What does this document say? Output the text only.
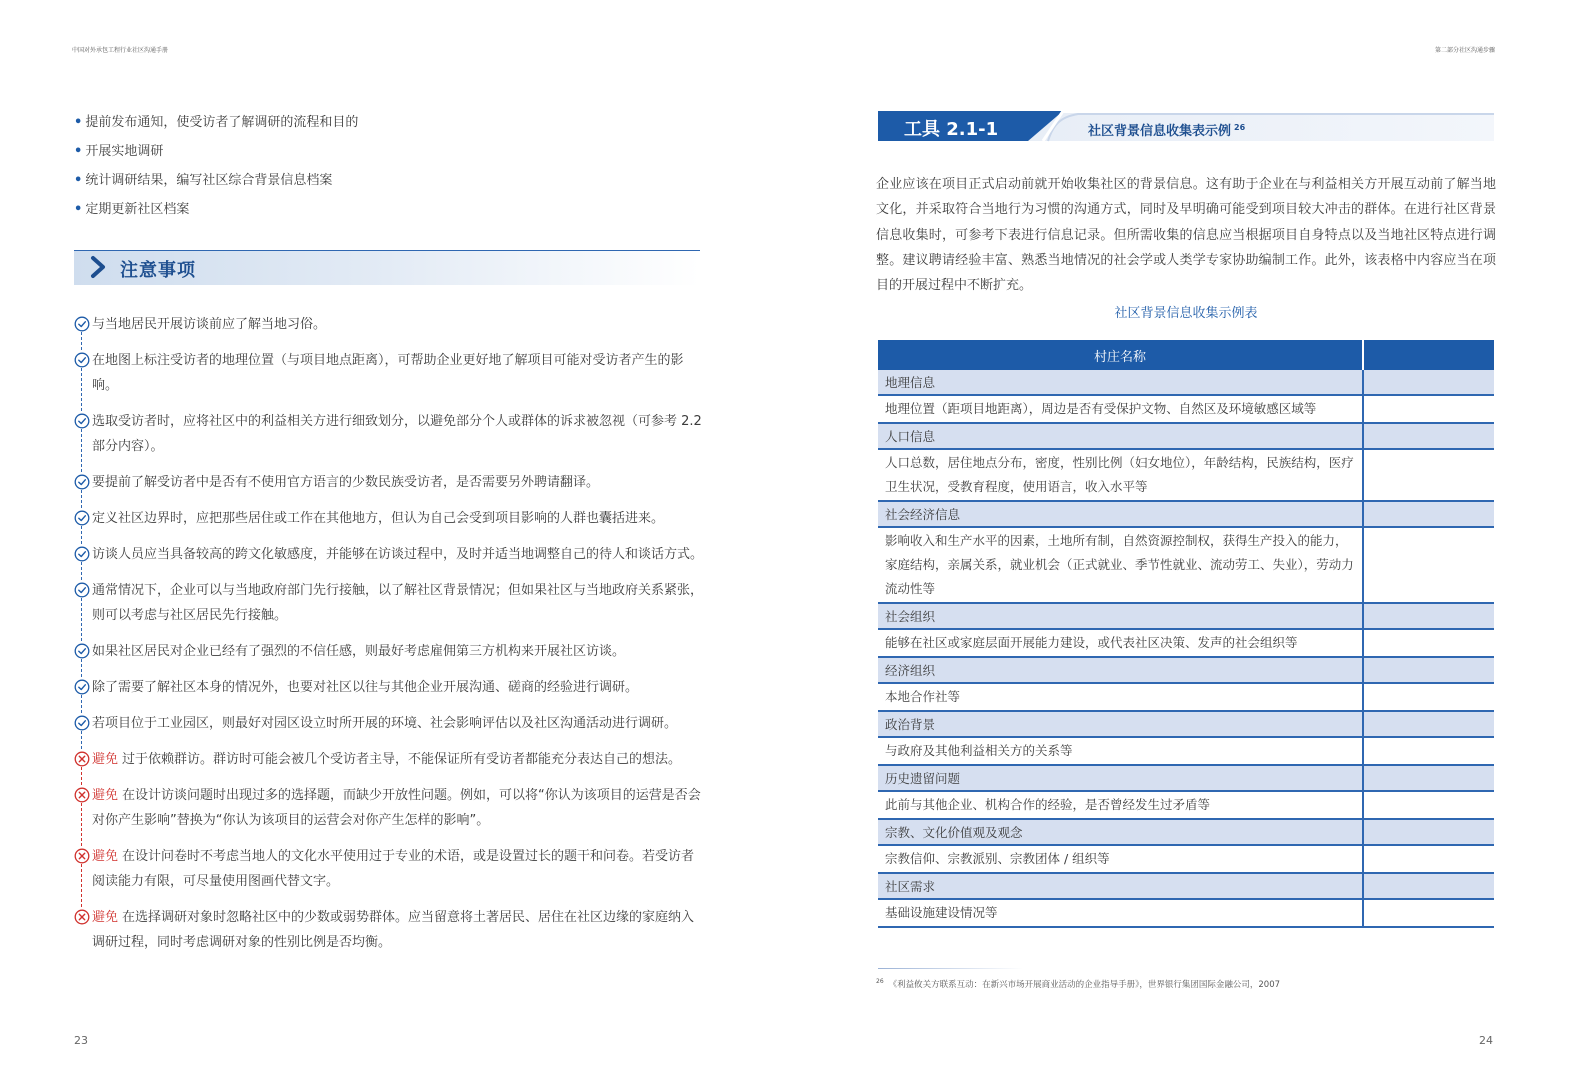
中国对外承包工程行业社区沟通手册	第二部分社区沟通步骤
• 提前发布通知，使受访者了解调研的流程和目的
• 开展实地调研
• 统计调研结果，编写社区综合背景信息档案
• 定期更新社区档案
注意事项
与当地居民开展访谈前应了解当地习俗。
在地图上标注受访者的地理位置（与项目地点距离），可帮助企业更好地了解项目可能对受访者产生的影响。
选取受访者时，应将社区中的利益相关方进行细致划分，以避免部分个人或群体的诉求被忽视（可参考 2.2 部分内容）。
要提前了解受访者中是否有不使用官方语言的少数民族受访者，是否需要另外聘请翻译。
定义社区边界时，应把那些居住或工作在其他地方，但认为自己会受到项目影响的人群也囊括进来。
访谈人员应当具备较高的跨文化敏感度，并能够在访谈过程中，及时并适当地调整自己的待人和谈话方式。
通常情况下，企业可以与当地政府部门先行接触，以了解社区背景情况；但如果社区与当地政府关系紧张，则可以考虑与社区居民先行接触。
如果社区居民对企业已经有了强烈的不信任感，则最好考虑雇佣第三方机构来开展社区访谈。
除了需要了解社区本身的情况外，也要对社区以往与其他企业开展沟通、磋商的经验进行调研。
若项目位于工业园区，则最好对园区设立时所开展的环境、社会影响评估以及社区沟通活动进行调研。
避免 过于依赖群访。群访时可能会被几个受访者主导，不能保证所有受访者都能充分表达自己的想法。
避免 在设计访谈问题时出现过多的选择题，而缺少开放性问题。例如，可以将“你认为该项目的运营是否会对你产生影响”替换为“你认为该项目的运营会对你产生怎样的影响”。
避免 在设计问卷时不考虑当地人的文化水平使用过于专业的术语，或是设置过长的题干和问卷。若受访者阅读能力有限，可尽量使用图画代替文字。
避免 在选择调研对象时忽略社区中的少数或弱势群体。应当留意将土著居民、居住在社区边缘的家庭纳入调研过程，同时考虑调研对象的性别比例是否均衡。
23
工具 2.1-1	社区背景信息收集表示例 $^{26}$
企业应该在项目正式启动前就开始收集社区的背景信息。这有助于企业在与利益相关方开展互动前了解当地文化，并采取符合当地行为习惯的沟通方式，同时及早明确可能受到项目较大冲击的群体。在进行社区背景信息收集时，可参考下表进行信息记录。但所需收集的信息应当根据项目自身特点以及当地社区特点进行调整。建议聘请经验丰富、熟悉当地情况的社会学或人类学专家协助编制工作。此外，该表格中内容应当在项目的开展过程中不断扩充。
社区背景信息收集示例表
村庄名称	
地理信息	
地理位置（距项目地距离），周边是否有受保护文物、自然区及环境敏感区域等	
人口信息	
人口总数，居住地点分布，密度，性别比例（妇女地位），年龄结构，民族结构，医疗卫生状况，受教育程度，使用语言，收入水平等	
社会经济信息	
影响收入和生产水平的因素，土地所有制，自然资源控制权，获得生产投入的能力，家庭结构，亲属关系，就业机会（正式就业、季节性就业、流动劳工、失业），劳动力流动性等	
社会组织	
能够在社区或家庭层面开展能力建设，或代表社区决策、发声的社会组织等	
经济组织	
本地合作社等	
政治背景	
与政府及其他利益相关方的关系等	
历史遗留问题	
此前与其他企业、机构合作的经验，是否曾经发生过矛盾等	
宗教、文化价值观及观念	
宗教信仰、宗教派别、宗教团体 / 组织等	
社区需求	
基础设施建设情况等	
$^{26}$ 《利益攸关方联系互动：在新兴市场开展商业活动的企业指导手册》，世界银行集团国际金融公司，2007
24
